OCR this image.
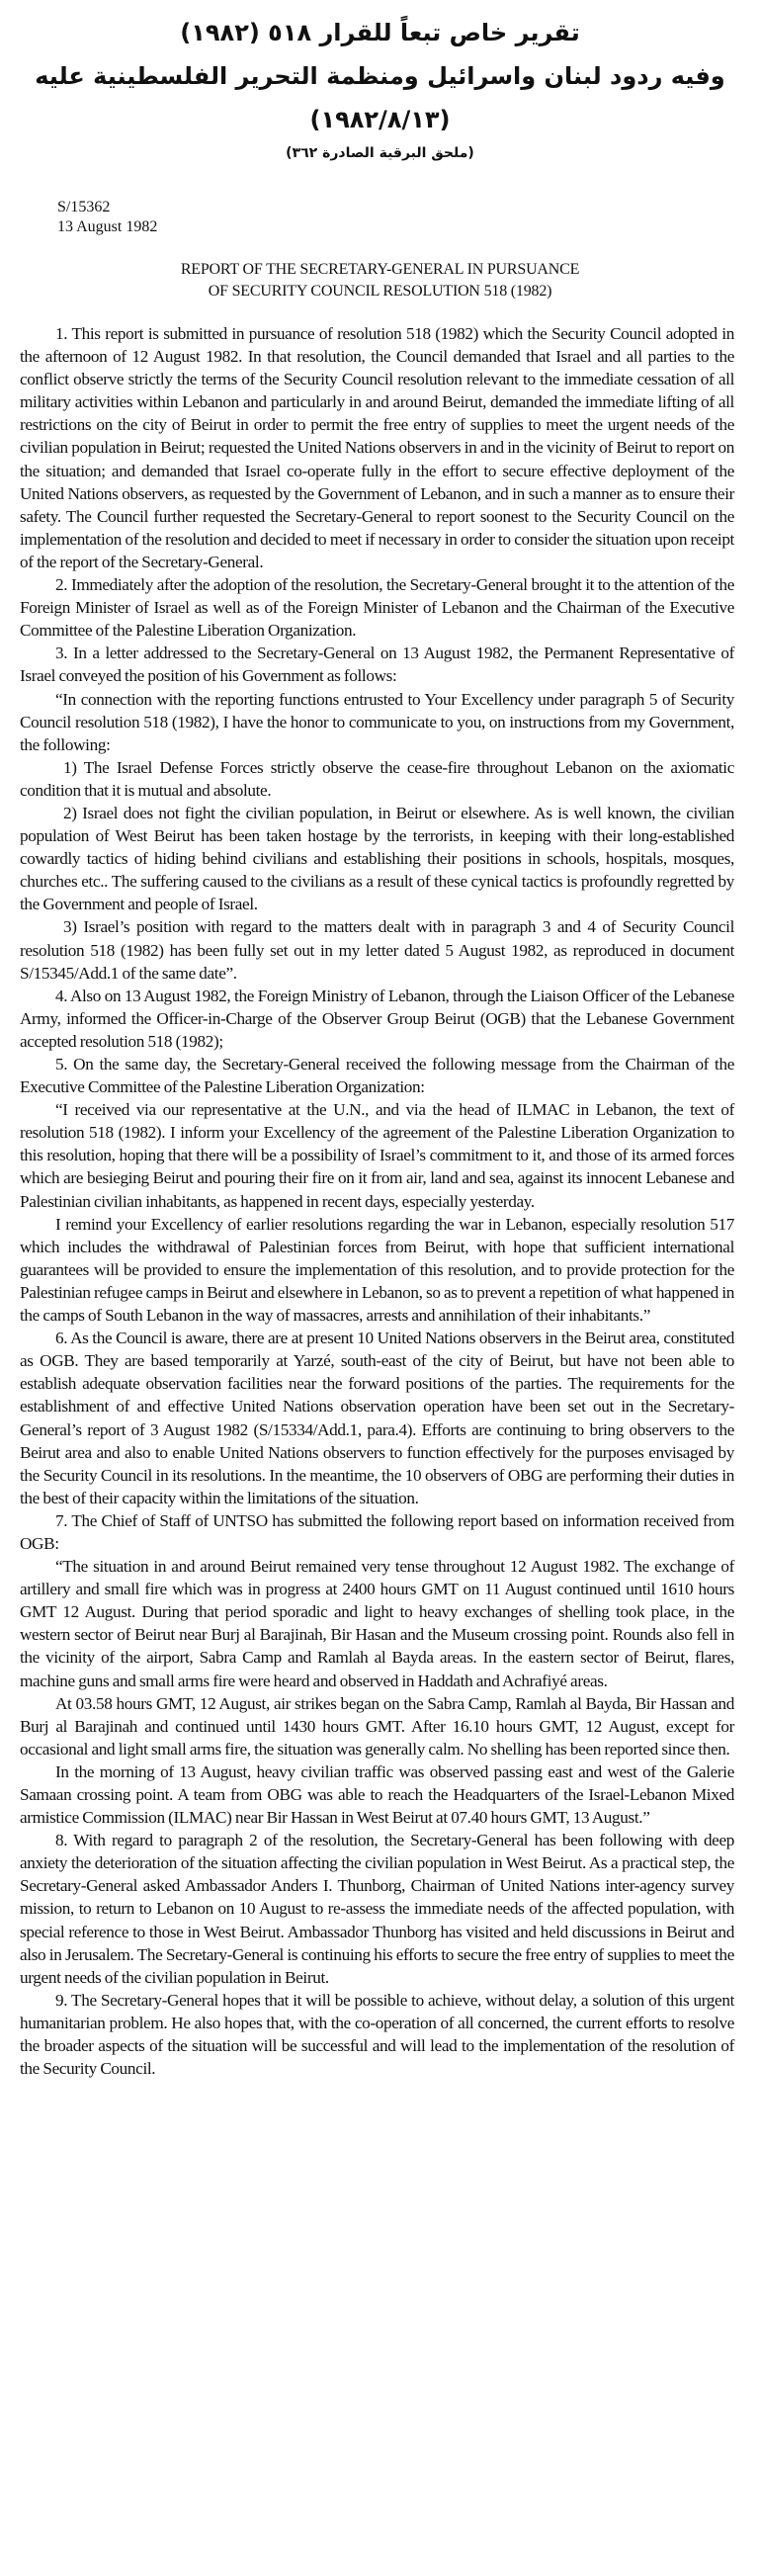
تقرير خاص تبعاً للقرار ٥١٨ (١٩٨٢)
وفيه ردود لبنان واسرائيل ومنظمة التحرير الفلسطينية عليه
(١٩٨٢/٨/١٣)
(ملحق البرقية الصادرة ٣٦٢)
S/15362
13 August 1982
REPORT OF THE SECRETARY-GENERAL IN PURSUANCE
OF SECURITY COUNCIL RESOLUTION 518 (1982)

1. This report is submitted in pursuance of resolution 518 (1982) which the Security Council adopted in the afternoon of 12 August 1982. In that resolution, the Council demanded that Israel and all parties to the conflict observe strictly the terms of the Security Council resolution relevant to the immediate cessation of all military activities within Lebanon and particularly in and around Beirut, demanded the immediate lifting of all restrictions on the city of Beirut in order to permit the free entry of supplies to meet the urgent needs of the civilian population in Beirut; requested the United Nations observers in and in the vicinity of Beirut to report on the situation; and demanded that Israel co-operate fully in the effort to secure effective deployment of the United Nations observers, as requested by the Government of Lebanon, and in such a manner as to ensure their safety. The Council further requested the Secretary-General to report soonest to the Security Council on the implementation of the resolution and decided to meet if necessary in order to consider the situation upon receipt of the report of the Secretary-General.

2. Immediately after the adoption of the resolution, the Secretary-General brought it to the attention of the Foreign Minister of Israel as well as of the Foreign Minister of Lebanon and the Chairman of the Executive Committee of the Palestine Liberation Organization.

3. In a letter addressed to the Secretary-General on 13 August 1982, the Permanent Representative of Israel conveyed the position of his Government as follows:

“In connection with the reporting functions entrusted to Your Excellency under paragraph 5 of Security Council resolution 518 (1982), I have the honor to communicate to you, on instructions from my Government, the following:

1) The Israel Defense Forces strictly observe the cease-fire throughout Lebanon on the axiomatic condition that it is mutual and absolute.

2) Israel does not fight the civilian population, in Beirut or elsewhere. As is well known, the civilian population of West Beirut has been taken hostage by the terrorists, in keeping with their long-established cowardly tactics of hiding behind civilians and establishing their positions in schools, hospitals, mosques, churches etc.. The suffering caused to the civilians as a result of these cynical tactics is profoundly regretted by the Government and people of Israel.

3) Israel’s position with regard to the matters dealt with in paragraph 3 and 4 of Security Council resolution 518 (1982) has been fully set out in my letter dated 5 August 1982, as reproduced in document S/15345/Add.1 of the same date”.

4. Also on 13 August 1982, the Foreign Ministry of Lebanon, through the Liaison Officer of the Lebanese Army, informed the Officer-in-Charge of the Observer Group Beirut (OGB) that the Lebanese Government accepted resolution 518 (1982);

5. On the same day, the Secretary-General received the following message from the Chairman of the Executive Committee of the Palestine Liberation Organization:

“I received via our representative at the U.N., and via the head of ILMAC in Lebanon, the text of resolution 518 (1982). I inform your Excellency of the agreement of the Palestine Liberation Organization to this resolution, hoping that there will be a possibility of Israel’s commitment to it, and those of its armed forces which are besieging Beirut and pouring their fire on it from air, land and sea, against its innocent Lebanese and Palestinian civilian inhabitants, as happened in recent days, especially yesterday.

I remind your Excellency of earlier resolutions regarding the war in Lebanon, especially resolution 517 which includes the withdrawal of Palestinian forces from Beirut, with hope that sufficient international guarantees will be provided to ensure the implementation of this resolution, and to provide protection for the Palestinian refugee camps in Beirut and elsewhere in Lebanon, so as to prevent a repetition of what happened in the camps of South Lebanon in the way of massacres, arrests and annihilation of their inhabitants.”

6. As the Council is aware, there are at present 10 United Nations observers in the Beirut area, constituted as OGB. They are based temporarily at Yarzé, south-east of the city of Beirut, but have not been able to establish adequate observation facilities near the forward positions of the parties. The requirements for the establishment of and effective United Nations observation operation have been set out in the Secretary-General’s report of 3 August 1982 (S/15334/Add.1, para.4). Efforts are continuing to bring observers to the Beirut area and also to enable United Nations observers to function effectively for the purposes envisaged by the Security Council in its resolutions. In the meantime, the 10 observers of OBG are performing their duties in the best of their capacity within the limitations of the situation.

7. The Chief of Staff of UNTSO has submitted the following report based on information received from OGB:

“The situation in and around Beirut remained very tense throughout 12 August 1982. The exchange of artillery and small fire which was in progress at 2400 hours GMT on 11 August continued until 1610 hours GMT 12 August. During that period sporadic and light to heavy exchanges of shelling took place, in the western sector of Beirut near Burj al Barajinah, Bir Hasan and the Museum crossing point. Rounds also fell in the vicinity of the airport, Sabra Camp and Ramlah al Bayda areas. In the eastern sector of Beirut, flares, machine guns and small arms fire were heard and observed in Haddath and Achrafiyé areas.

At 03.58 hours GMT, 12 August, air strikes began on the Sabra Camp, Ramlah al Bayda, Bir Hassan and Burj al Barajinah and continued until 1430 hours GMT. After 16.10 hours GMT, 12 August, except for occasional and light small arms fire, the situation was generally calm. No shelling has been reported since then.

In the morning of 13 August, heavy civilian traffic was observed passing east and west of the Galerie Samaan crossing point. A team from OBG was able to reach the Headquarters of the Israel-Lebanon Mixed armistice Commission (ILMAC) near Bir Hassan in West Beirut at 07.40 hours GMT, 13 August.”

8. With regard to paragraph 2 of the resolution, the Secretary-General has been following with deep anxiety the deterioration of the situation affecting the civilian population in West Beirut. As a practical step, the Secretary-General asked Ambassador Anders I. Thunborg, Chairman of United Nations inter-agency survey mission, to return to Lebanon on 10 August to re-assess the immediate needs of the affected population, with special reference to those in West Beirut. Ambassador Thunborg has visited and held discussions in Beirut and also in Jerusalem. The Secretary-General is continuing his efforts to secure the free entry of supplies to meet the urgent needs of the civilian population in Beirut.

9. The Secretary-General hopes that it will be possible to achieve, without delay, a solution of this urgent humanitarian problem. He also hopes that, with the co-operation of all concerned, the current efforts to resolve the broader aspects of the situation will be successful and will lead to the implementation of the resolution of the Security Council.
